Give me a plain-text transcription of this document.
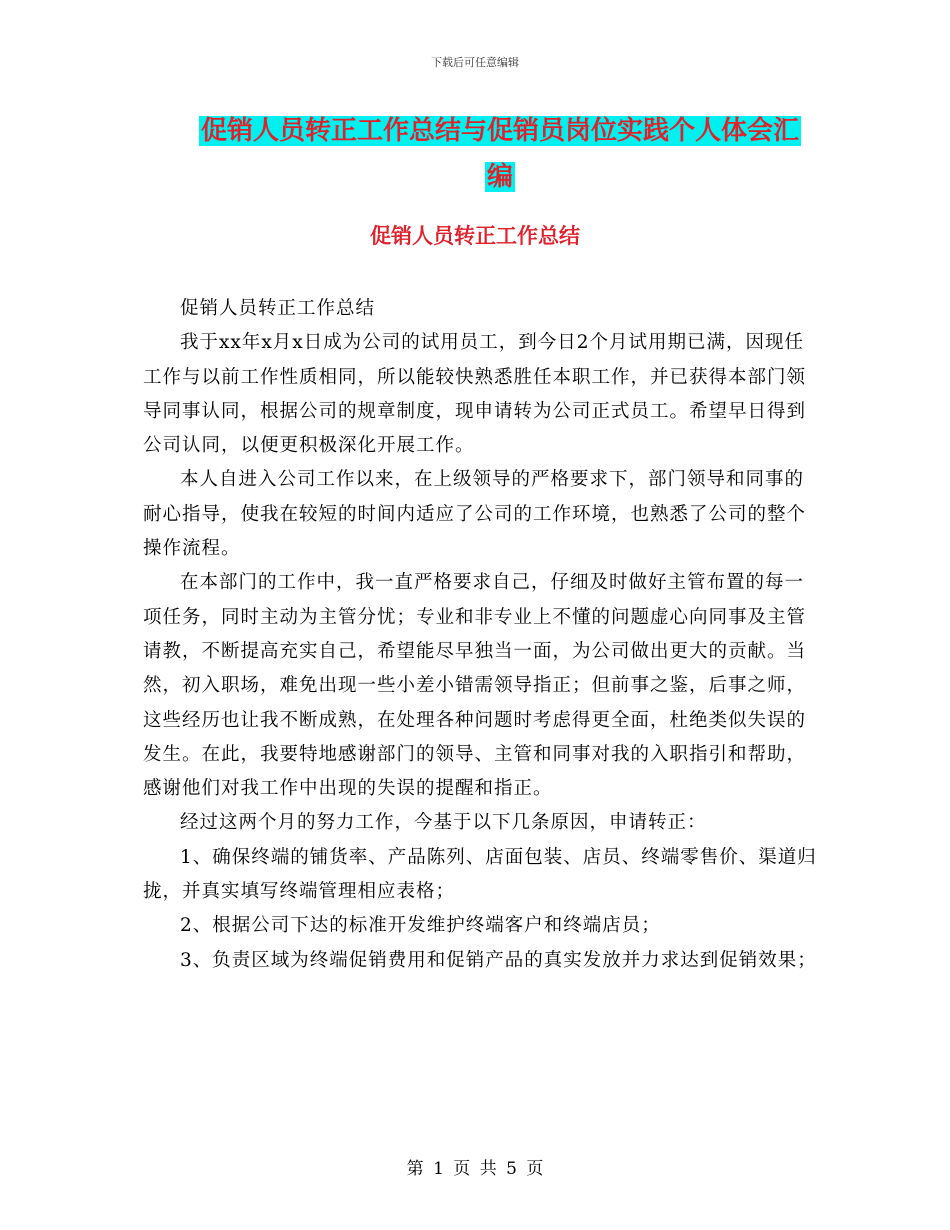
下载后可任意编辑
促销人员转正工作总结与促销员岗位实践个人体会汇
编
促销人员转正工作总结

促销人员转正工作总结

我于xx年x月x日成为公司的试用员工，到今日2个月试用期已满，因现任工作与以前工作性质相同，所以能较快熟悉胜任本职工作，并已获得本部门领导同事认同，根据公司的规章制度，现申请转为公司正式员工。希望早日得到公司认同，以便更积极深化开展工作。

本人自进入公司工作以来，在上级领导的严格要求下，部门领导和同事的耐心指导，使我在较短的时间内适应了公司的工作环境，也熟悉了公司的整个操作流程。

在本部门的工作中，我一直严格要求自己，仔细及时做好主管布置的每一项任务，同时主动为主管分忧；专业和非专业上不懂的问题虚心向同事及主管请教，不断提高充实自己，希望能尽早独当一面，为公司做出更大的贡献。当然，初入职场，难免出现一些小差小错需领导指正；但前事之鉴，后事之师，这些经历也让我不断成熟，在处理各种问题时考虑得更全面，杜绝类似失误的发生。在此，我要特地感谢部门的领导、主管和同事对我的入职指引和帮助，感谢他们对我工作中出现的失误的提醒和指正。

经过这两个月的努力工作，今基于以下几条原因，申请转正：

1、确保终端的铺货率、产品陈列、店面包装、店员、终端零售价、渠道归拢，并真实填写终端管理相应表格；

2、根据公司下达的标准开发维护终端客户和终端店员；

3、负责区域为终端促销费用和促销产品的真实发放并力求达到促销效果；

第 1 页 共 5 页
